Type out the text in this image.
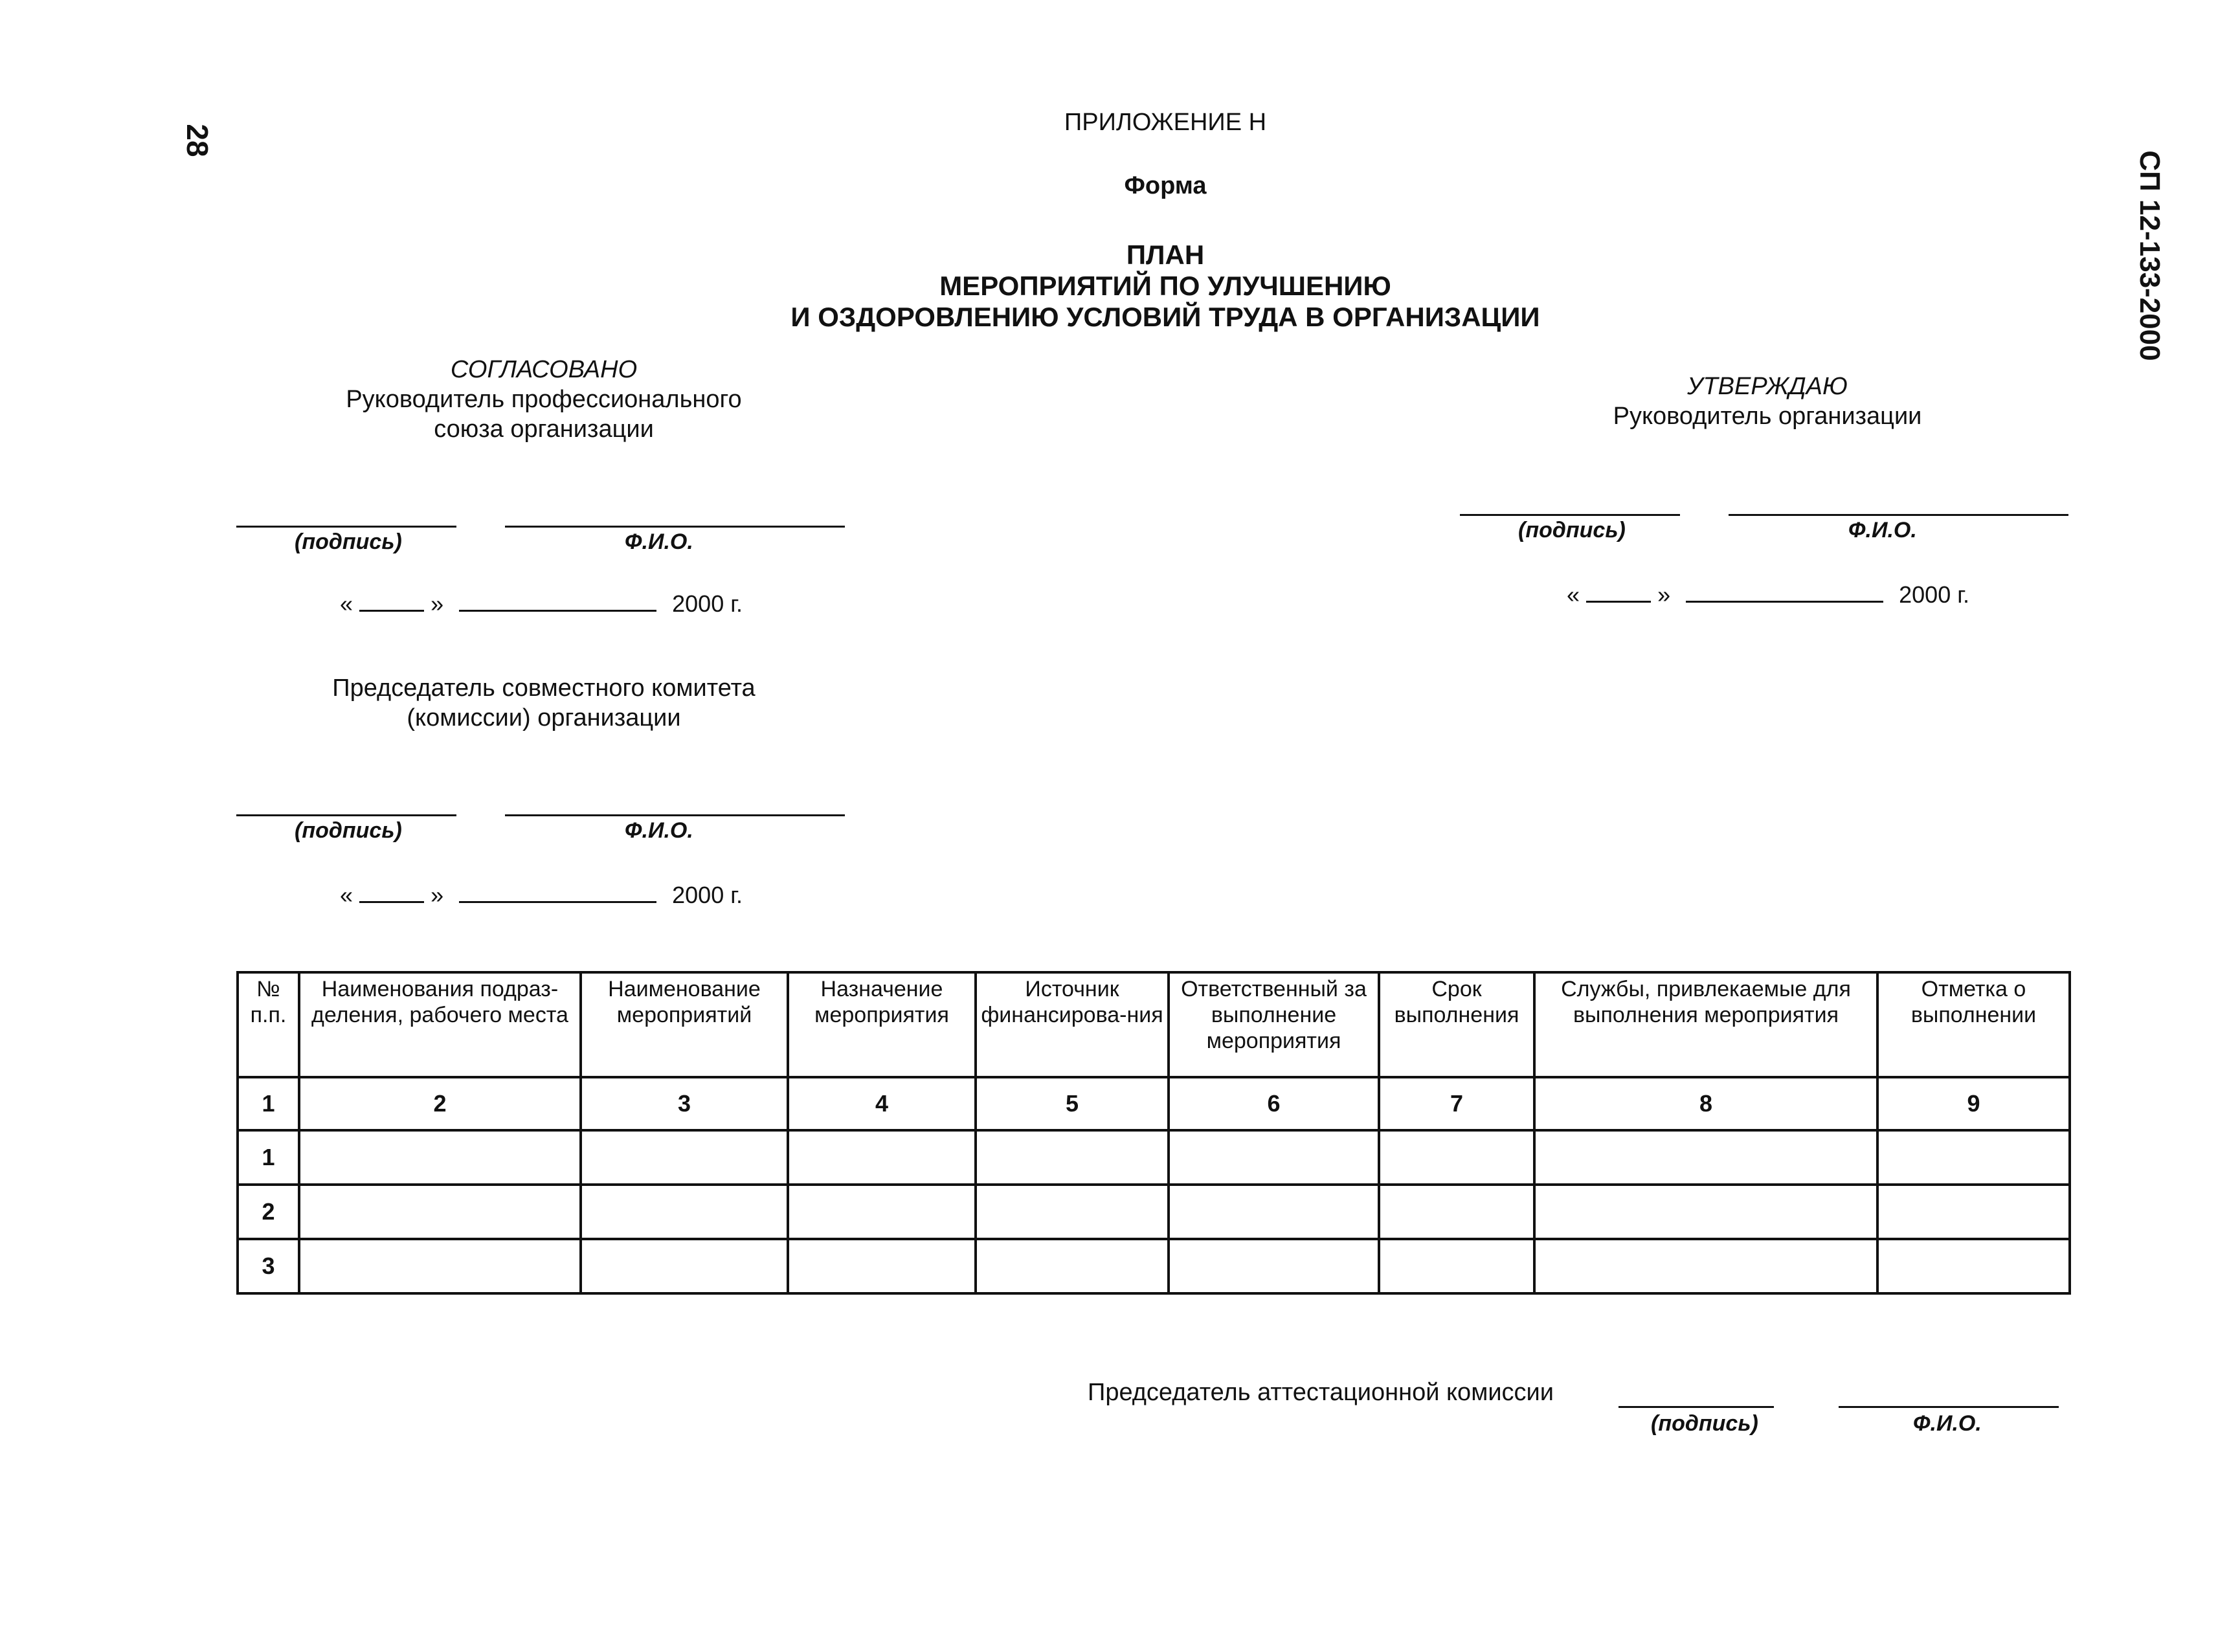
28
СП 12-133-2000
ПРИЛОЖЕНИЕ Н
Форма
ПЛАН
МЕРОПРИЯТИЙ ПО УЛУЧШЕНИЮ
И ОЗДОРОВЛЕНИЮ УСЛОВИЙ ТРУДА В ОРГАНИЗАЦИИ
СОГЛАСОВАНО
Руководитель профессионального
союза организации
(подпись)	Ф.И.О.
«	»	2000 г.
Председатель совместного комитета
(комиссии) организации
(подпись)	Ф.И.О.
«	»	2000 г.
УТВЕРЖДАЮ
Руководитель организации
(подпись)	Ф.И.О.
«	»	2000 г.
№ п.п.	Наименования подраз-деления, рабочего места	Наименование мероприятий	Назначение мероприятия	Источник финансирова-ния	Ответственный за выполнение мероприятия	Срок выполнения	Службы, привлекаемые для выполнения мероприятия	Отметка о выполнении
1	2	3	4	5	6	7	8	9
1								
2								
3								
Председатель аттестационной комиссии
(подпись)	Ф.И.О.
